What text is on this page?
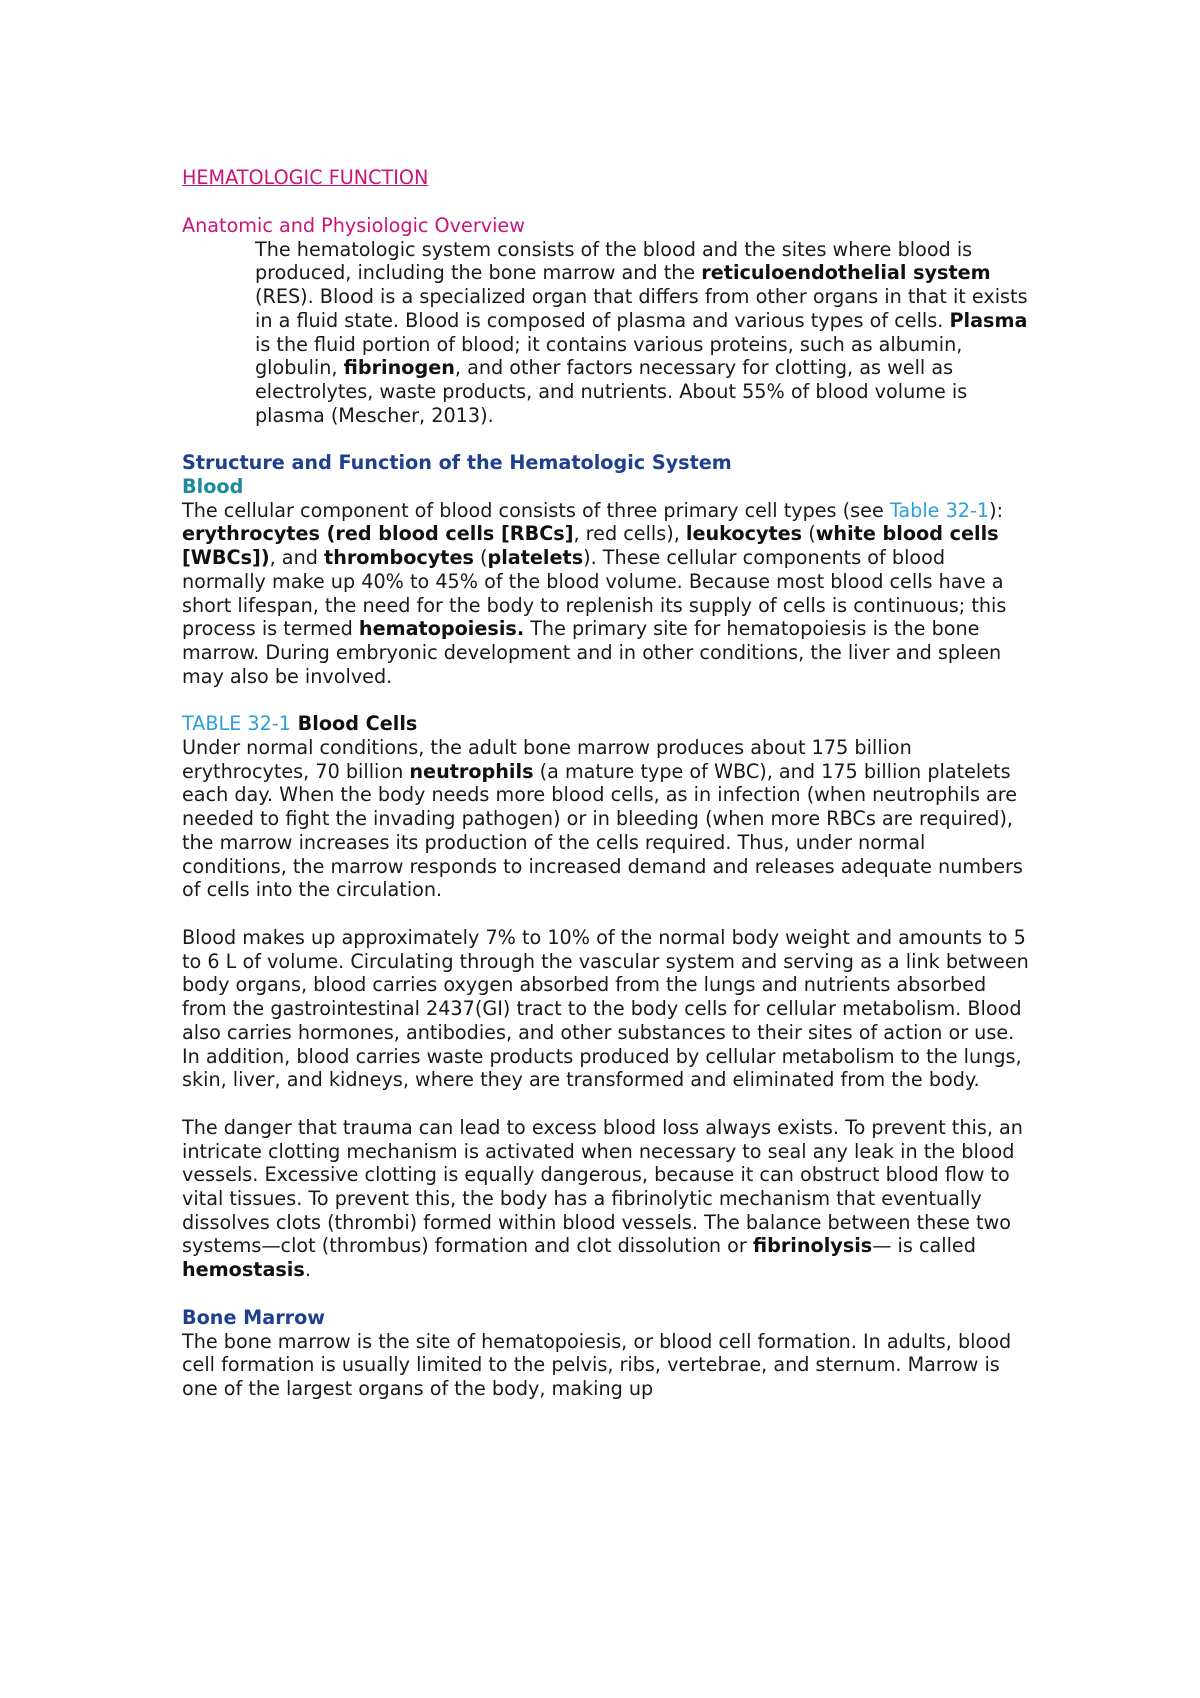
HEMATOLOGIC FUNCTION
Anatomic and Physiologic Overview

The hematologic system consists of the blood and the sites where blood is produced, including the bone marrow and the reticuloendothelial system

(RES). Blood is a specialized organ that differs from other organs in that it exists in a fluid state. Blood is composed of plasma and various types of cells. Plasma is the fluid portion of blood; it contains various proteins, such as albumin, globulin, fibrinogen, and other factors necessary for clotting, as well as electrolytes, waste products, and nutrients. About 55% of blood volume is plasma (Mescher, 2013).

Structure and Function of the Hematologic System
Blood

The cellular component of blood consists of three primary cell types (see Table 32-1): erythrocytes (red blood cells [RBCs], red cells), leukocytes (white blood cells [WBCs]), and thrombocytes (platelets). These cellular components of blood normally make up 40% to 45% of the blood volume. Because most blood cells have a short lifespan, the need for the body to replenish its supply of cells is continuous; this process is termed hematopoiesis. The primary site for hematopoiesis is the bone marrow. During embryonic development and in other conditions, the liver and spleen may also be involved.

TABLE 32-1 Blood Cells

Under normal conditions, the adult bone marrow produces about 175 billion erythrocytes, 70 billion neutrophils (a mature type of WBC), and 175 billion platelets each day. When the body needs more blood cells, as in infection (when neutrophils are needed to fight the invading pathogen) or in bleeding (when more RBCs are required), the marrow increases its production of the cells required. Thus, under normal conditions, the marrow responds to increased demand and releases adequate numbers of cells into the circulation.

Blood makes up approximately 7% to 10% of the normal body weight and amounts to 5 to 6 L of volume. Circulating through the vascular system and serving as a link between body organs, blood carries oxygen absorbed from the lungs and nutrients absorbed from the gastrointestinal 2437(GI) tract to the body cells for cellular metabolism. Blood also carries hormones, antibodies, and other substances to their sites of action or use. In addition, blood carries waste products produced by cellular metabolism to the lungs, skin, liver, and kidneys, where they are transformed and eliminated from the body.

The danger that trauma can lead to excess blood loss always exists. To prevent this, an intricate clotting mechanism is activated when necessary to seal any leak in the blood vessels. Excessive clotting is equally dangerous, because it can obstruct blood flow to vital tissues. To prevent this, the body has a fibrinolytic mechanism that eventually dissolves clots (thrombi) formed within blood vessels. The balance between these two systems—clot (thrombus) formation and clot dissolution or fibrinolysis— is called hemostasis.

Bone Marrow

The bone marrow is the site of hematopoiesis, or blood cell formation. In adults, blood cell formation is usually limited to the pelvis, ribs, vertebrae, and sternum. Marrow is one of the largest organs of the body, making up
